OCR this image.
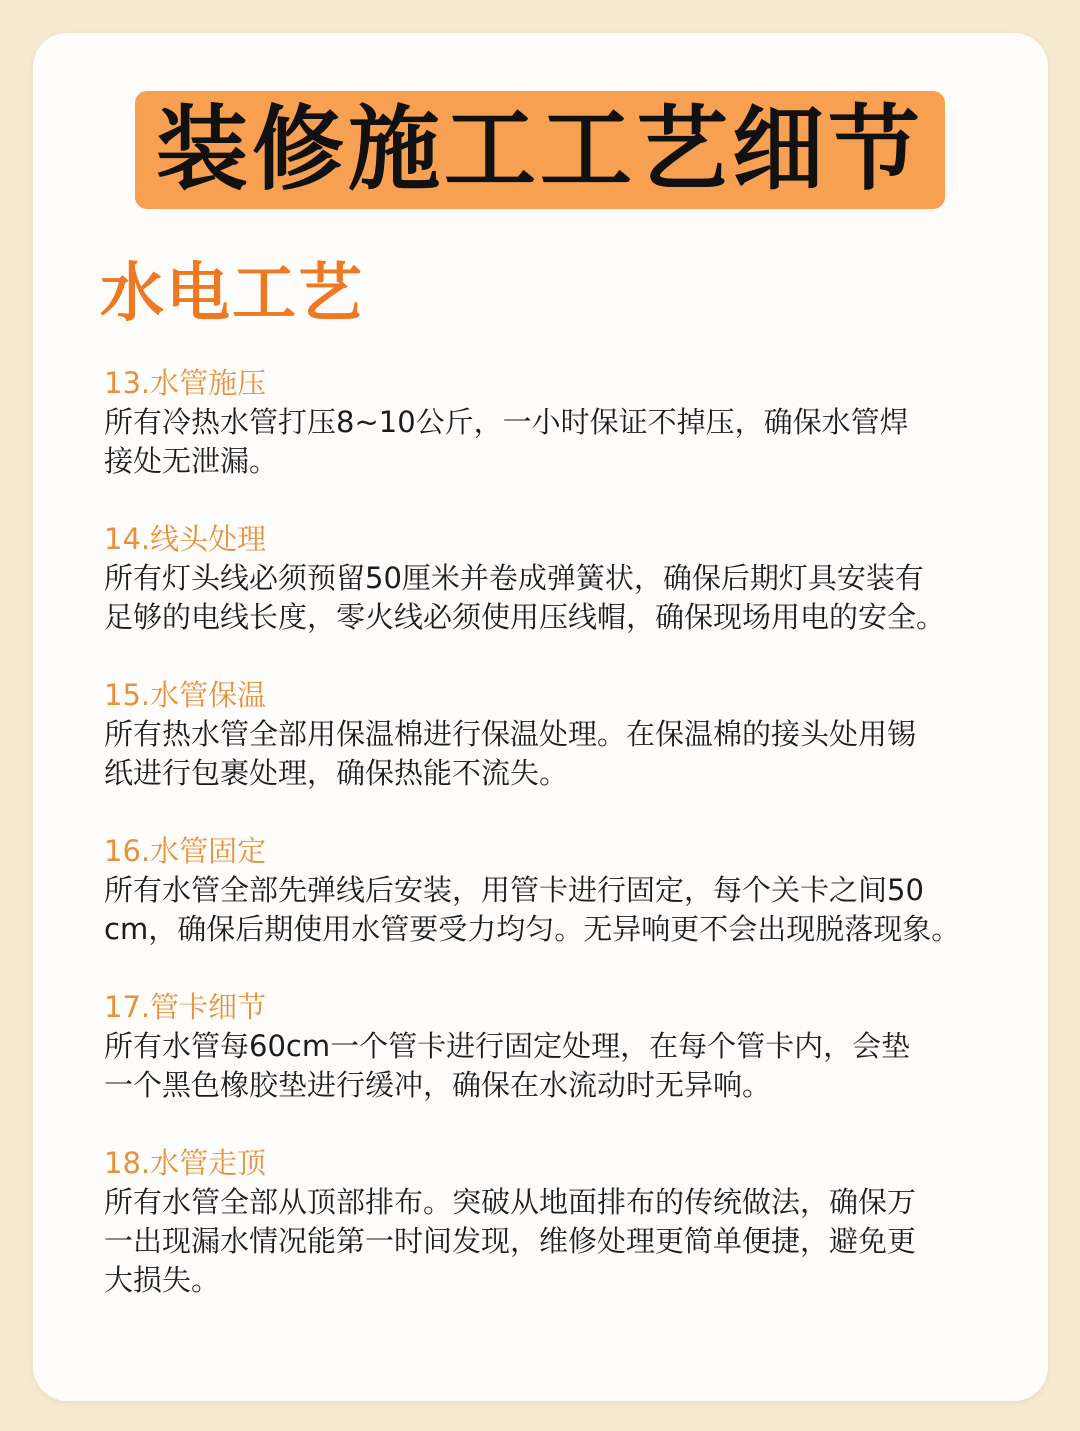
装修施工工艺细节
水电工艺
13.水管施压
所有冷热水管打压8~10公斤，一小时保证不掉压，确保水管焊
接处无泄漏。
14.线头处理
所有灯头线必须预留50厘米并卷成弹簧状，确保后期灯具安装有
足够的电线长度，零火线必须使用压线帽，确保现场用电的安全。
15.水管保温
所有热水管全部用保温棉进行保温处理。在保温棉的接头处用锡
纸进行包裹处理，确保热能不流失。
16.水管固定
所有水管全部先弹线后安装，用管卡进行固定，每个关卡之间50
cm，确保后期使用水管要受力均匀。无异响更不会出现脱落现象。
17.管卡细节
所有水管每60cm一个管卡进行固定处理，在每个管卡内，会垫
一个黑色橡胶垫进行缓冲，确保在水流动时无异响。
18.水管走顶
所有水管全部从顶部排布。突破从地面排布的传统做法，确保万
一出现漏水情况能第一时间发现，维修处理更简单便捷，避免更
大损失。
